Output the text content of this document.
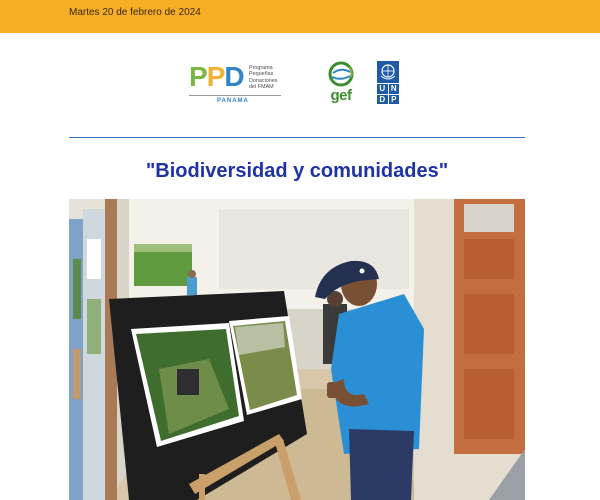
Martes 20 de febrero de 2024
PPD Programa
Pequeñas
Donaciones
del FMAM
PANAMA	gef	U N
D P
"Biodiversidad y comunidades"
